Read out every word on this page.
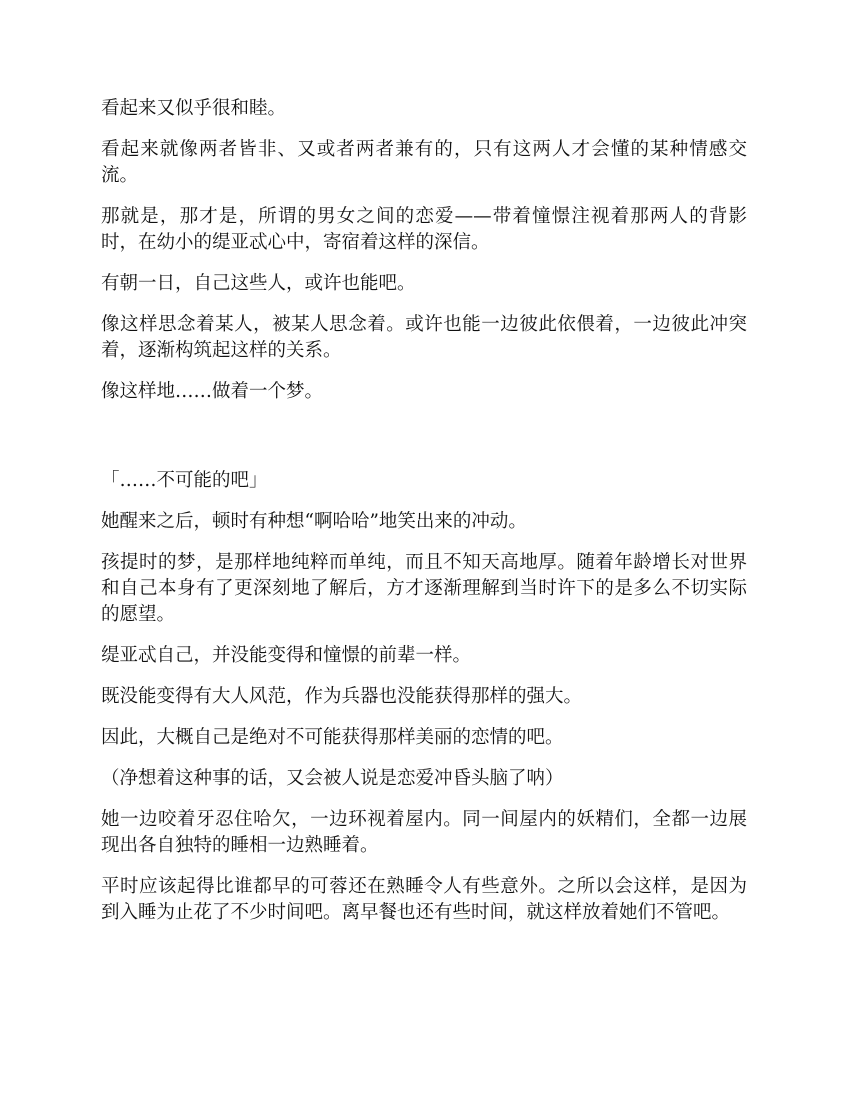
看起来又似乎很和睦。

看起来就像两者皆非、又或者两者兼有的，只有这两人才会懂的某种情感交流。

那就是，那才是，所谓的男女之间的恋爱——带着憧憬注视着那两人的背影时，在幼小的缇亚忒心中，寄宿着这样的深信。

有朝一日，自己这些人，或许也能吧。

像这样思念着某人，被某人思念着。或许也能一边彼此依偎着，一边彼此冲突着，逐渐构筑起这样的关系。

像这样地……做着一个梦。

「……不可能的吧」

她醒来之后，顿时有种想“啊哈哈”地笑出来的冲动。

孩提时的梦，是那样地纯粹而单纯，而且不知天高地厚。随着年龄增长对世界和自己本身有了更深刻地了解后，方才逐渐理解到当时许下的是多么不切实际的愿望。

缇亚忒自己，并没能变得和憧憬的前辈一样。

既没能变得有大人风范，作为兵器也没能获得那样的强大。

因此，大概自己是绝对不可能获得那样美丽的恋情的吧。

（净想着这种事的话，又会被人说是恋爱冲昏头脑了呐）

她一边咬着牙忍住哈欠，一边环视着屋内。同一间屋内的妖精们，全都一边展现出各自独特的睡相一边熟睡着。

平时应该起得比谁都早的可蓉还在熟睡令人有些意外。之所以会这样，是因为到入睡为止花了不少时间吧。离早餐也还有些时间，就这样放着她们不管吧。
